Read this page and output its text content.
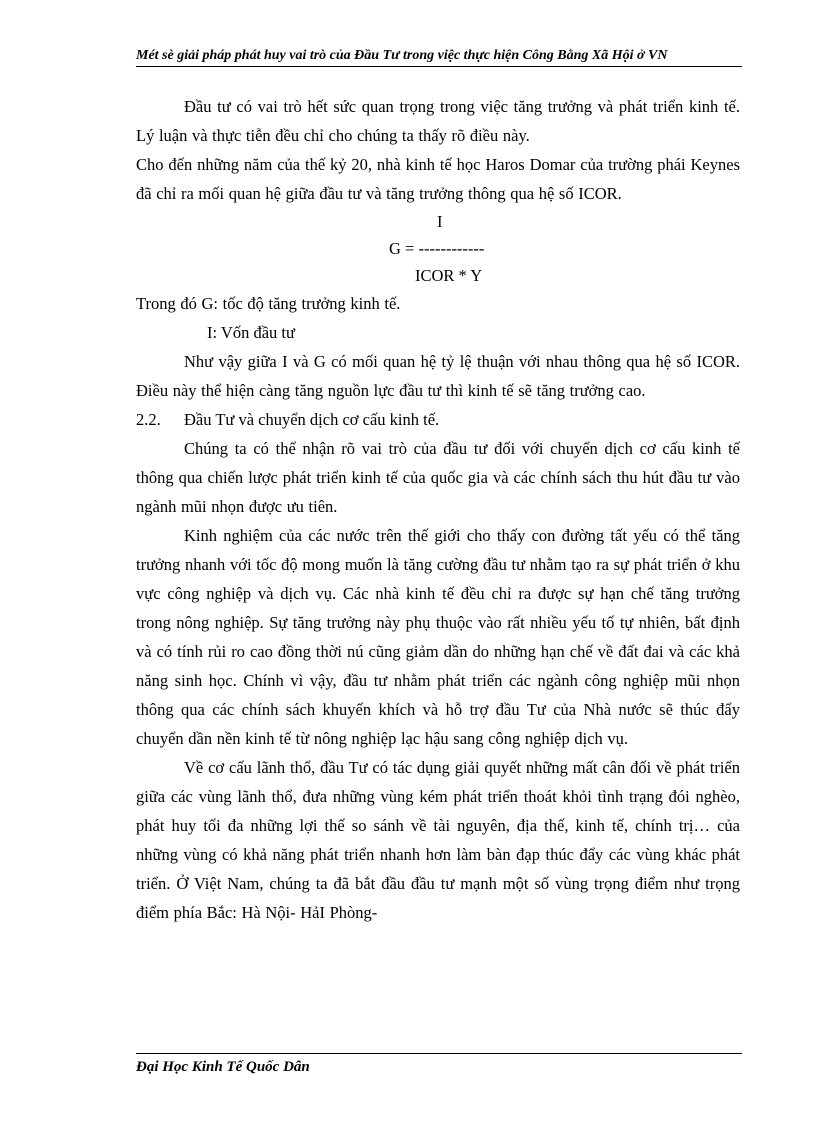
Mét sè giải pháp phát huy vai trò của Đầu Tư trong việc thực hiện Công Bằng Xã Hội ở VN

Đầu tư có vai trò hết sức quan trọng trong việc tăng trưởng và phát triển kinh tế. Lý luận và thực tiễn đều chỉ cho chúng ta thấy rõ điều này.

Cho đến những năm của thế kỷ 20, nhà kinh tế học Haros Domar của trường phái Keynes đã chỉ ra mối quan hệ giữa đầu tư và tăng trưởng thông qua hệ số ICOR.

I

G = ------------

ICOR * Y

Trong đó G: tốc độ tăng trưởng kinh tế.

I: Vốn đầu tư

Như vậy giữa I và G có mối quan hệ tỷ lệ thuận với nhau thông qua hệ số ICOR. Điều này thể hiện càng tăng nguồn lực đầu tư thì kinh tế sẽ tăng trưởng cao.

2.2. Đầu Tư và chuyển dịch cơ cấu kinh tế.

Chúng ta có thể nhận rõ vai trò của đầu tư đối với chuyển dịch cơ cấu kinh tế thông qua chiến lược phát triển kinh tế của quốc gia và các chính sách thu hút đầu tư vào ngành mũi nhọn được ưu tiên.

Kinh nghiệm của các nước trên thế giới cho thấy con đường tất yếu có thể tăng trưởng nhanh với tốc độ mong muốn là tăng cường đầu tư nhằm tạo ra sự phát triển ở khu vực công nghiệp và dịch vụ. Các nhà kinh tế đều chỉ ra được sự hạn chế tăng trưởng trong nông nghiệp. Sự tăng trưởng này phụ thuộc vào rất nhiều yếu tố tự nhiên, bất định và có tính rủi ro cao đồng thời nú cũng giảm dần do những hạn chế về đất đai và các khả năng sinh học. Chính vì vậy, đầu tư nhằm phát triển các ngành công nghiệp mũi nhọn thông qua các chính sách khuyến khích và hỗ trợ đầu Tư của Nhà nước sẽ thúc đẩy chuyển dần nền kinh tế từ nông nghiệp lạc hậu sang công nghiệp dịch vụ.

Về cơ cấu lãnh thổ, đầu Tư có tác dụng giải quyết những mất cân đối về phát triển giữa các vùng lãnh thổ, đưa những vùng kém phát triển thoát khỏi tình trạng đói nghèo, phát huy tối đa những lợi thế so sánh về tài nguyên, địa thế, kinh tế, chính trị… của những vùng có khả năng phát triển nhanh hơn làm bàn đạp thúc đẩy các vùng khác phát triển. Ở Việt Nam, chúng ta đã bắt đầu đầu tư mạnh một số vùng trọng điểm như trọng điểm phía Bắc: Hà Nội- HảI Phòng-

Đại Học Kinh Tế Quốc Dân
